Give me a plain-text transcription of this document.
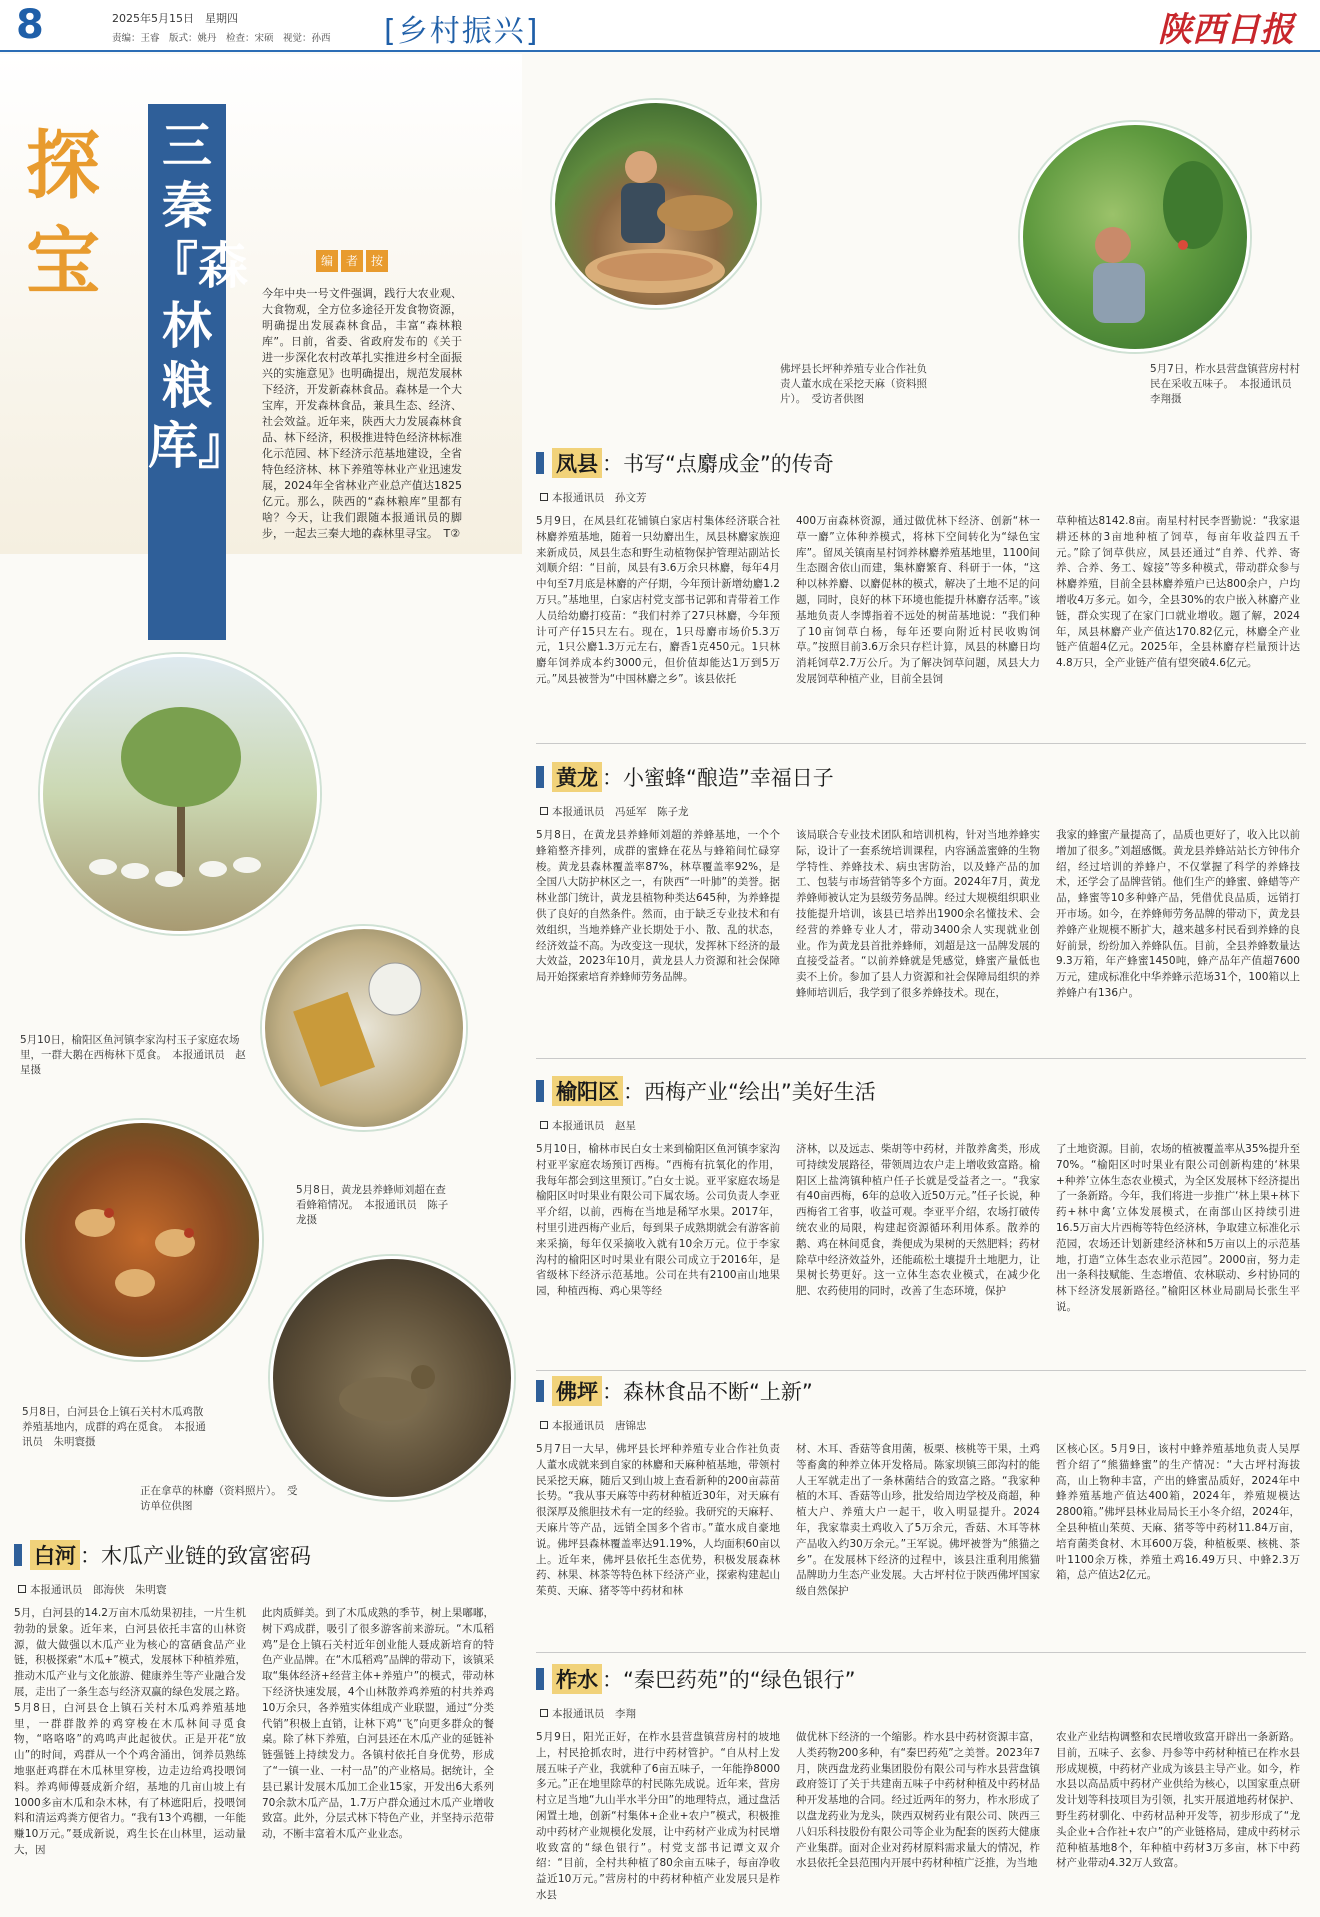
8	2025年5月15日　星期四
责编：王睿　版式：姚丹　检查：宋硕　视觉：孙西 [乡村振兴]	陕西日报
探宝
三秦『森林粮库』
编 者 按
今年中央一号文件强调，践行大农业观、大食物观，全方位多途径开发食物资源，明确提出发展森林食品，丰富“森林粮库”。日前，省委、省政府发布的《关于进一步深化农村改革扎实推进乡村全面振兴的实施意见》也明确提出，规范发展林下经济，开发新森林食品。森林是一个大宝库，开发森林食品，兼具生态、经济、社会效益。近年来，陕西大力发展森林食品、林下经济，积极推进特色经济林标准化示范园、林下经济示范基地建设，全省特色经济林、林下养殖等林业产业迅速发展，2024年全省林业产业总产值达1825亿元。那么，陕西的“森林粮库”里都有啥？今天，让我们跟随本报通讯员的脚步，一起去三秦大地的森林里寻宝。　T②
佛坪县长坪种养殖专业合作社负责人董水成在采挖天麻（资料照片）。　受访者供图
5月7日，柞水县营盘镇营房村村民在采收五味子。　本报通讯员　李翔摄
5月10日，榆阳区鱼河镇李家沟村玉子家庭农场里，一群大鹅在西梅林下觅食。　本报通讯员　赵星摄
5月8日，黄龙县养蜂师刘超在查看蜂箱情况。　本报通讯员　陈子龙摄
5月8日，白河县仓上镇石关村木瓜鸡散养殖基地内，成群的鸡在觅食。　本报通讯员　朱明寰摄
正在拿草的林麝（资料照片）。　受访单位供图
凤县 ：书写“点麝成金”的传奇
本报通讯员　孙文芳
5月9日，在凤县红花铺镇白家店村集体经济联合社林麝养殖基地，随着一只幼麝出生，凤县林麝家族迎来新成员，凤县生态和野生动植物保护管理站副站长刘顺介绍：“目前，凤县有3.6万余只林麝，每年4月中旬至7月底是林麝的产仔期，今年预计新增幼麝1.2万只。”基地里，白家店村党支部书记郭和青带着工作人员给幼麝打疫苗：“我们村养了27只林麝，今年预计可产仔15只左右。现在，1只母麝市场价5.3万元，1只公麝1.3万元左右，麝香1克450元。1只林麝年饲养成本约3000元，但价值却能达1万到5万元。”凤县被誉为“中国林麝之乡”。该县依托
400万亩森林资源，通过做优林下经济、创新“林一草一麝”立体种养模式，将林下空间转化为“绿色宝库”。留凤关镇南星村饲养林麝养殖基地里，1100间生态圈舍依山而建，集林麝繁育、科研于一体，“这种以林养麝、以麝促林的模式，解决了土地不足的问题，同时，良好的林下环境也能提升林麝存活率。”该基地负责人李博指着不远处的树苗基地说：“我们种了10亩饲草白杨，每年还要向附近村民收购饲草。”按照目前3.6万余只存栏计算，凤县的林麝日均消耗饲草2.7万公斤。为了解决饲草问题，凤县大力发展饲草种植产业，目前全县饲
草种植达8142.8亩。南星村村民李晋勤说：“我家退耕还林的3亩地种植了饲草，每亩年收益四五千元。”除了饲草供应，凤县还通过“自养、代养、寄养、合养、务工、嫁接”等多种模式，带动群众参与林麝养殖，目前全县林麝养殖户已达800余户，户均增收4万多元。如今，全县30%的农户嵌入林麝产业链，群众实现了在家门口就业增收。题了解，2024年，凤县林麝产业产值达170.82亿元，林麝全产业链产值超4亿元。2025年，全县林麝存栏量预计达4.8万只，全产业链产值有望突破4.6亿元。
黄龙 ：小蜜蜂“酿造”幸福日子
本报通讯员　冯延军　陈子龙
5月8日，在黄龙县养蜂师刘超的养蜂基地，一个个蜂箱整齐排列，成群的蜜蜂在花丛与蜂箱间忙碌穿梭。黄龙县森林覆盖率87%，林草覆盖率92%，是全国八大防护林区之一，有陕西“一叶肺”的美誉。据林业部门统计，黄龙县植物种类达645种，为养蜂提供了良好的自然条件。然而，由于缺乏专业技术和有效组织，当地养蜂产业长期处于小、散、乱的状态，经济效益不高。为改变这一现状，发挥林下经济的最大效益，2023年10月，黄龙县人力资源和社会保障局开始探索培育养蜂师劳务品牌。
该局联合专业技术团队和培训机构，针对当地养蜂实际，设计了一套系统培训课程，内容涵盖蜜蜂的生物学特性、养蜂技术、病虫害防治，以及蜂产品的加工、包装与市场营销等多个方面。2024年7月，黄龙养蜂师被认定为县级劳务品牌。经过大规模组织职业技能提升培训，该县已培养出1900余名懂技术、会经营的养蜂专业人才，带动3400余人实现就业创业。作为黄龙县首批养蜂师，刘超是这一品牌发展的直接受益者。“以前养蜂就是凭感觉，蜂蜜产量低也卖不上价。参加了县人力资源和社会保障局组织的养蜂师培训后，我学到了很多养蜂技术。现在，
我家的蜂蜜产量提高了，品质也更好了，收入比以前增加了很多。”刘超感慨。黄龙县养蜂站站长方钟伟介绍，经过培训的养蜂户，不仅掌握了科学的养蜂技术，还学会了品牌营销。他们生产的蜂蜜、蜂蜡等产品，蜂蜜等10多种蜂产品，凭借优良品质，远销打开市场。如今，在养蜂师劳务品牌的带动下，黄龙县养蜂产业规模不断扩大，越来越多村民看到养蜂的良好前景，纷纷加入养蜂队伍。目前，全县养蜂数量达9.3万箱，年产蜂蜜1450吨，蜂产品年产值超7600万元，建成标准化中华养蜂示范场31个，100箱以上养蜂户有136户。
榆阳区 ：西梅产业“绘出”美好生活
本报通讯员　赵星
5月10日，榆林市民白女士来到榆阳区鱼河镇李家沟村亚平家庭农场预订西梅。“西梅有抗氧化的作用，我每年都会到这里预订。”白女士说。亚平家庭农场是榆阳区吋吋果业有限公司下属农场。公司负责人李亚平介绍，以前，西梅在当地是稀罕水果。2017年，村里引进西梅产业后，每到果子成熟期就会有游客前来采摘，每年仅采摘收入就有10余万元。位于李家沟村的榆阳区吋吋果业有限公司成立于2016年，是省级林下经济示范基地。公司在共有2100亩山地果园，种植西梅、鸡心果等经
济林，以及远志、柴胡等中药材，并散养禽类，形成可持续发展路径，带领周边农户走上增收致富路。榆阳区上盐湾镇种植户任子长就是受益者之一。“我家有40亩西梅，6年的总收入近50万元。”任子长说，种西梅省工省事，收益可观。李亚平介绍，农场打破传统农业的局限，构建起资源循环利用体系。散养的鹅、鸡在林间觅食，粪便成为果树的天然肥料；药材除草中经济效益外，还能疏松土壤提升土地肥力，让果树长势更好。这一立体生态农业模式，在减少化肥、农药使用的同时，改善了生态环境，保护
了土地资源。目前，农场的植被覆盖率从35%提升至70%。“榆阳区吋吋果业有限公司创新构建的‘林果+种养’立体生态农业模式，为全区发展林下经济提出了一条新路。今年，我们将进一步推广‘林上果+林下药+林中禽’立体发展模式，在南部山区持续引进16.5万亩大片西梅等特色经济林，争取建立标准化示范园，农场还计划新建经济林和5万亩以上的示范基地，打造“立体生态农业示范园”。2000亩，努力走出一条科技赋能、生态增值、农林联动、乡村协同的林下经济发展新路径。”榆阳区林业局副局长张生平说。
佛坪 ：森林食品不断“上新”
本报通讯员　唐锦忠
5月7日一大早，佛坪县长坪种养殖专业合作社负责人董水成就来到自家的林麝和天麻种植基地，带领村民采挖天麻，随后又到山坡上查看新种的200亩蒜苗长势。“我从事天麻等中药材种植近30年，对天麻有很深厚及熊胆技术有一定的经验。我研究的天麻籽、天麻片等产品，远销全国多个省市。”董水成自豪地说。佛坪县森林覆盖率达91.19%，人均面积60亩以上。近年来，佛坪县依托生态优势，积极发展森林药、林果、林茶等特色林下经济产业，探索构建起山茱萸、天麻、猪苓等中药材和林
材、木耳、香菇等食用菌，板栗、核桃等干果，土鸡等畜禽的种养立体开发格局。陈家坝镇三郎沟村的能人王军就走出了一条林菌结合的致富之路。“我家种植的木耳、香菇等山珍，批发给周边学校及商超，种植大户、养殖大户一起干，收入明显提升。2024年，我家靠卖土鸡收入了5万余元，香菇、木耳等林产品收入约30万余元。”王军说。佛坪被誉为“熊猫之乡”。在发展林下经济的过程中，该县注重利用熊猫品牌助力生态产业发展。大古坪村位于陕西佛坪国家级自然保护
区核心区。5月9日，该村中蜂养殖基地负责人吴厚哲介绍了“熊猫蜂蜜”的生产情况：“大古坪村海拔高，山上物种丰富，产出的蜂蜜品质好，2024年中蜂养殖基地产值达400箱，2024年，养殖规模达2800箱。”佛坪县林业局局长王小冬介绍，2024年，全县种植山茱萸、天麻、猪苓等中药材11.84万亩，培育菌类食材、木耳600万袋，种植板栗、核桃、茶叶1100余万株，养殖土鸡16.49万只、中蜂2.3万箱，总产值达2亿元。
柞水 ：“秦巴药苑”的“绿色银行”
本报通讯员　李翔
5月9日，阳光正好，在柞水县营盘镇营房村的坡地上，村民抢抓农时，进行中药材管护。“自从村上发展五味子产业，我就种了6亩五味子，一年能挣8000多元。”正在地里除草的村民陈先成说。近年来，营房村立足当地“九山半水半分田”的地理特点，通过盘活闲置土地，创新“村集体+企业+农户”模式，积极推动中药材产业规模化发展，让中药材产业成为村民增收致富的“绿色银行”。村党支部书记谭文双介绍：“目前，全村共种植了80余亩五味子，每亩净收益近10万元。”营房村的中药材种植产业发展只是柞水县
做优林下经济的一个缩影。柞水县中药材资源丰富，人类药物200多种，有“秦巴药苑”之美誉。2023年7月，陕西盘龙药业集团股份有限公司与柞水县营盘镇政府签订了关于共建南五味子中药材种植及中药材品种开发基地的合同。经过近两年的努力，柞水形成了以盘龙药业为龙头，陕西双树药业有限公司、陕西三八妇乐科技股份有限公司等企业为配套的医药大健康产业集群。面对企业对药材原料需求量大的情况，柞水县依托全县范围内开展中药材种植广泛推，为当地
农业产业结构调整和农民增收致富开辟出一条新路。目前，五味子、玄参、丹参等中药材种植已在柞水县形成规模，中药材产业成为该县主导产业。如今，柞水县以高品质中药材产业供给为核心，以国家重点研发计划等科技项目为引领，扎实开展道地药材保护、野生药材驯化、中药材品种开发等，初步形成了“龙头企业+合作社+农户”的产业链格局，建成中药材示范种植基地8个，年种植中药材3万多亩，林下中药材产业带动4.32万人致富。
白河 ：木瓜产业链的致富密码
本报通讯员　郎海侠　朱明寰
5月，白河县的14.2万亩木瓜幼果初挂，一片生机勃勃的景象。近年来，白河县依托丰富的山林资源，做大做强以木瓜产业为核心的富硒食品产业链，积极探索“木瓜+”模式，发展林下种植养殖，推动木瓜产业与文化旅游、健康养生等产业融合发展，走出了一条生态与经济双赢的绿色发展之路。5月8日，白河县仓上镇石关村木瓜鸡养殖基地里，一群群散养的鸡穿梭在木瓜林间寻觅食物，“咯咯咯”的鸡鸣声此起彼伏。正是开花“放山”的时间，鸡群从一个个鸡舍涌出，饲养员熟练地驱赶鸡群在木瓜林里穿梭，边走边给鸡投喂饲料。养鸡师傅聂成新介绍，基地的几亩山坡上有1000多亩木瓜和杂木林，有了林遮阳后，投喂饲料和清运鸡粪方便省力。“我有13个鸡棚，一年能赚10万元。”聂成新说，鸡生长在山林里，运动量大，因
此肉质鲜美。到了木瓜成熟的季节，树上果嘟嘟，树下鸡成群，吸引了很多游客前来游玩。“木瓜稻鸡”是仓上镇石关村近年创业能人聂成新培育的特色产业品牌。在“木瓜稻鸡”品牌的带动下，该镇采取“集体经济+经营主体+养殖户”的模式，带动林下经济快速发展，4个山林散养鸡养殖的村共养鸡10万余只，各养殖实体组成产业联盟，通过“分类代销”积极上直销，让林下鸡“飞”向更多群众的餐桌。除了林下养殖，白河县还在木瓜产业的延链补链强链上持续发力。各镇村依托自身优势，形成了“一镇一业、一村一品”的产业格局。据统计，全县已累计发展木瓜加工企业15家，开发出6大系列70余款木瓜产品，1.7万户群众通过木瓜产业增收致富。此外，分层式林下特色产业，并坚持示范带动，不断丰富着木瓜产业业态。
